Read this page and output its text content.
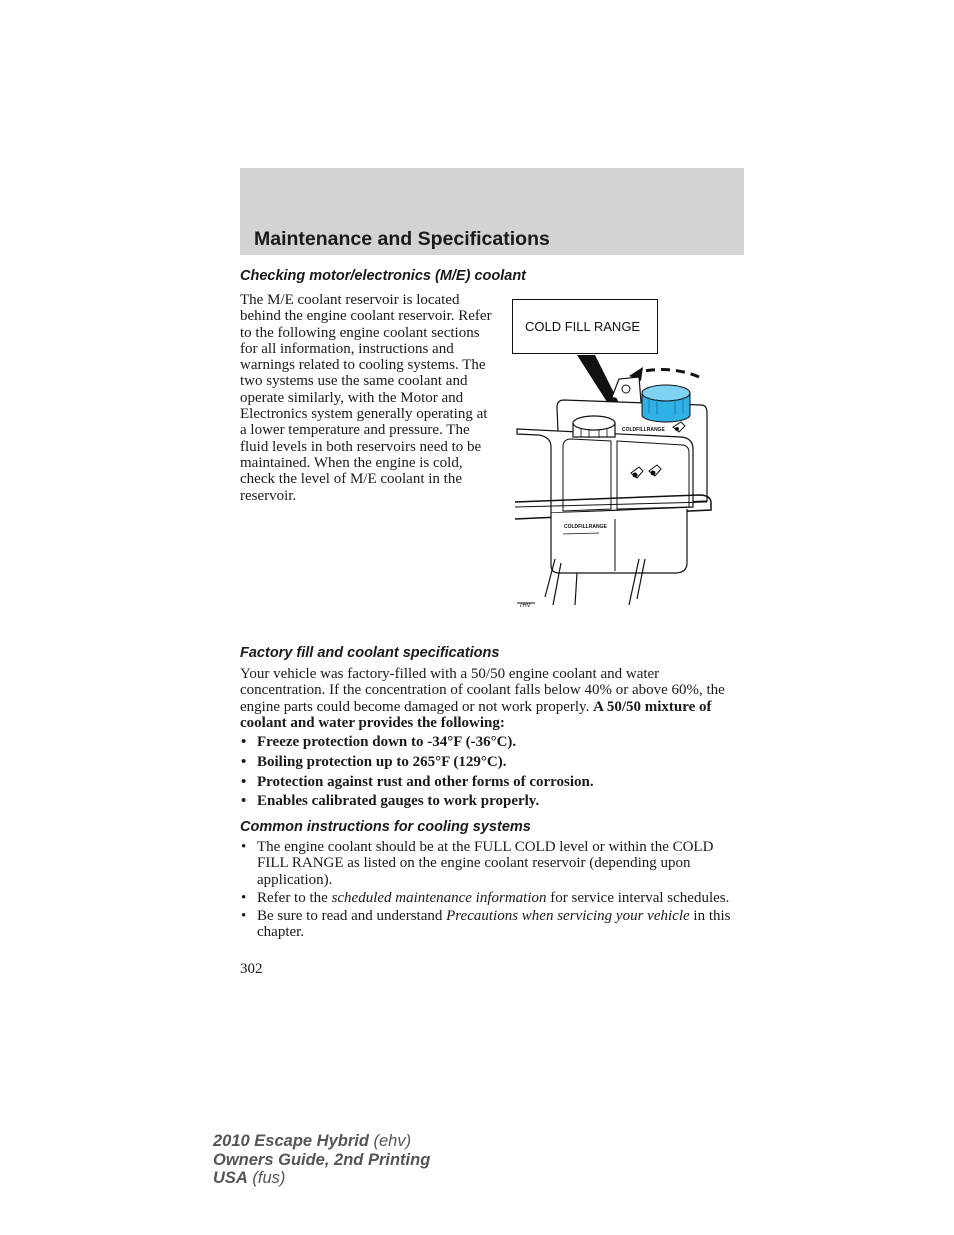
Maintenance and Specifications
Checking motor/electronics (M/E) coolant

The M/E coolant reservoir is located behind the engine coolant reservoir. Refer to the following engine coolant sections for all information, instructions and warnings related to cooling systems. The two systems use the same coolant and operate similarly, with the Motor and Electronics system generally operating at a lower temperature and pressure. The fluid levels in both reservoirs need to be maintained. When the engine is cold, check the level of M/E coolant in the reservoir.

COLDFILLRANGE
COLDFILLRANGE
7HV
COLD FILL RANGE
Factory fill and coolant specifications

Your vehicle was factory-filled with a 50/50 engine coolant and water concentration. If the concentration of coolant falls below 40% or above 60%, the engine parts could become damaged or not work properly. A 50/50 mixture of coolant and water provides the following:

• Freeze protection down to -34°F (-36°C).
• Boiling protection up to 265°F (129°C).
• Protection against rust and other forms of corrosion.
• Enables calibrated gauges to work properly.
Common instructions for cooling systems
• The engine coolant should be at the FULL COLD level or within the COLD FILL RANGE as listed on the engine coolant reservoir (depending upon application).
• Refer to the scheduled maintenance information for service interval schedules.
• Be sure to read and understand Precautions when servicing your vehicle in this chapter.

302

2010 Escape Hybrid (ehv)
Owners Guide, 2nd Printing
USA (fus)
